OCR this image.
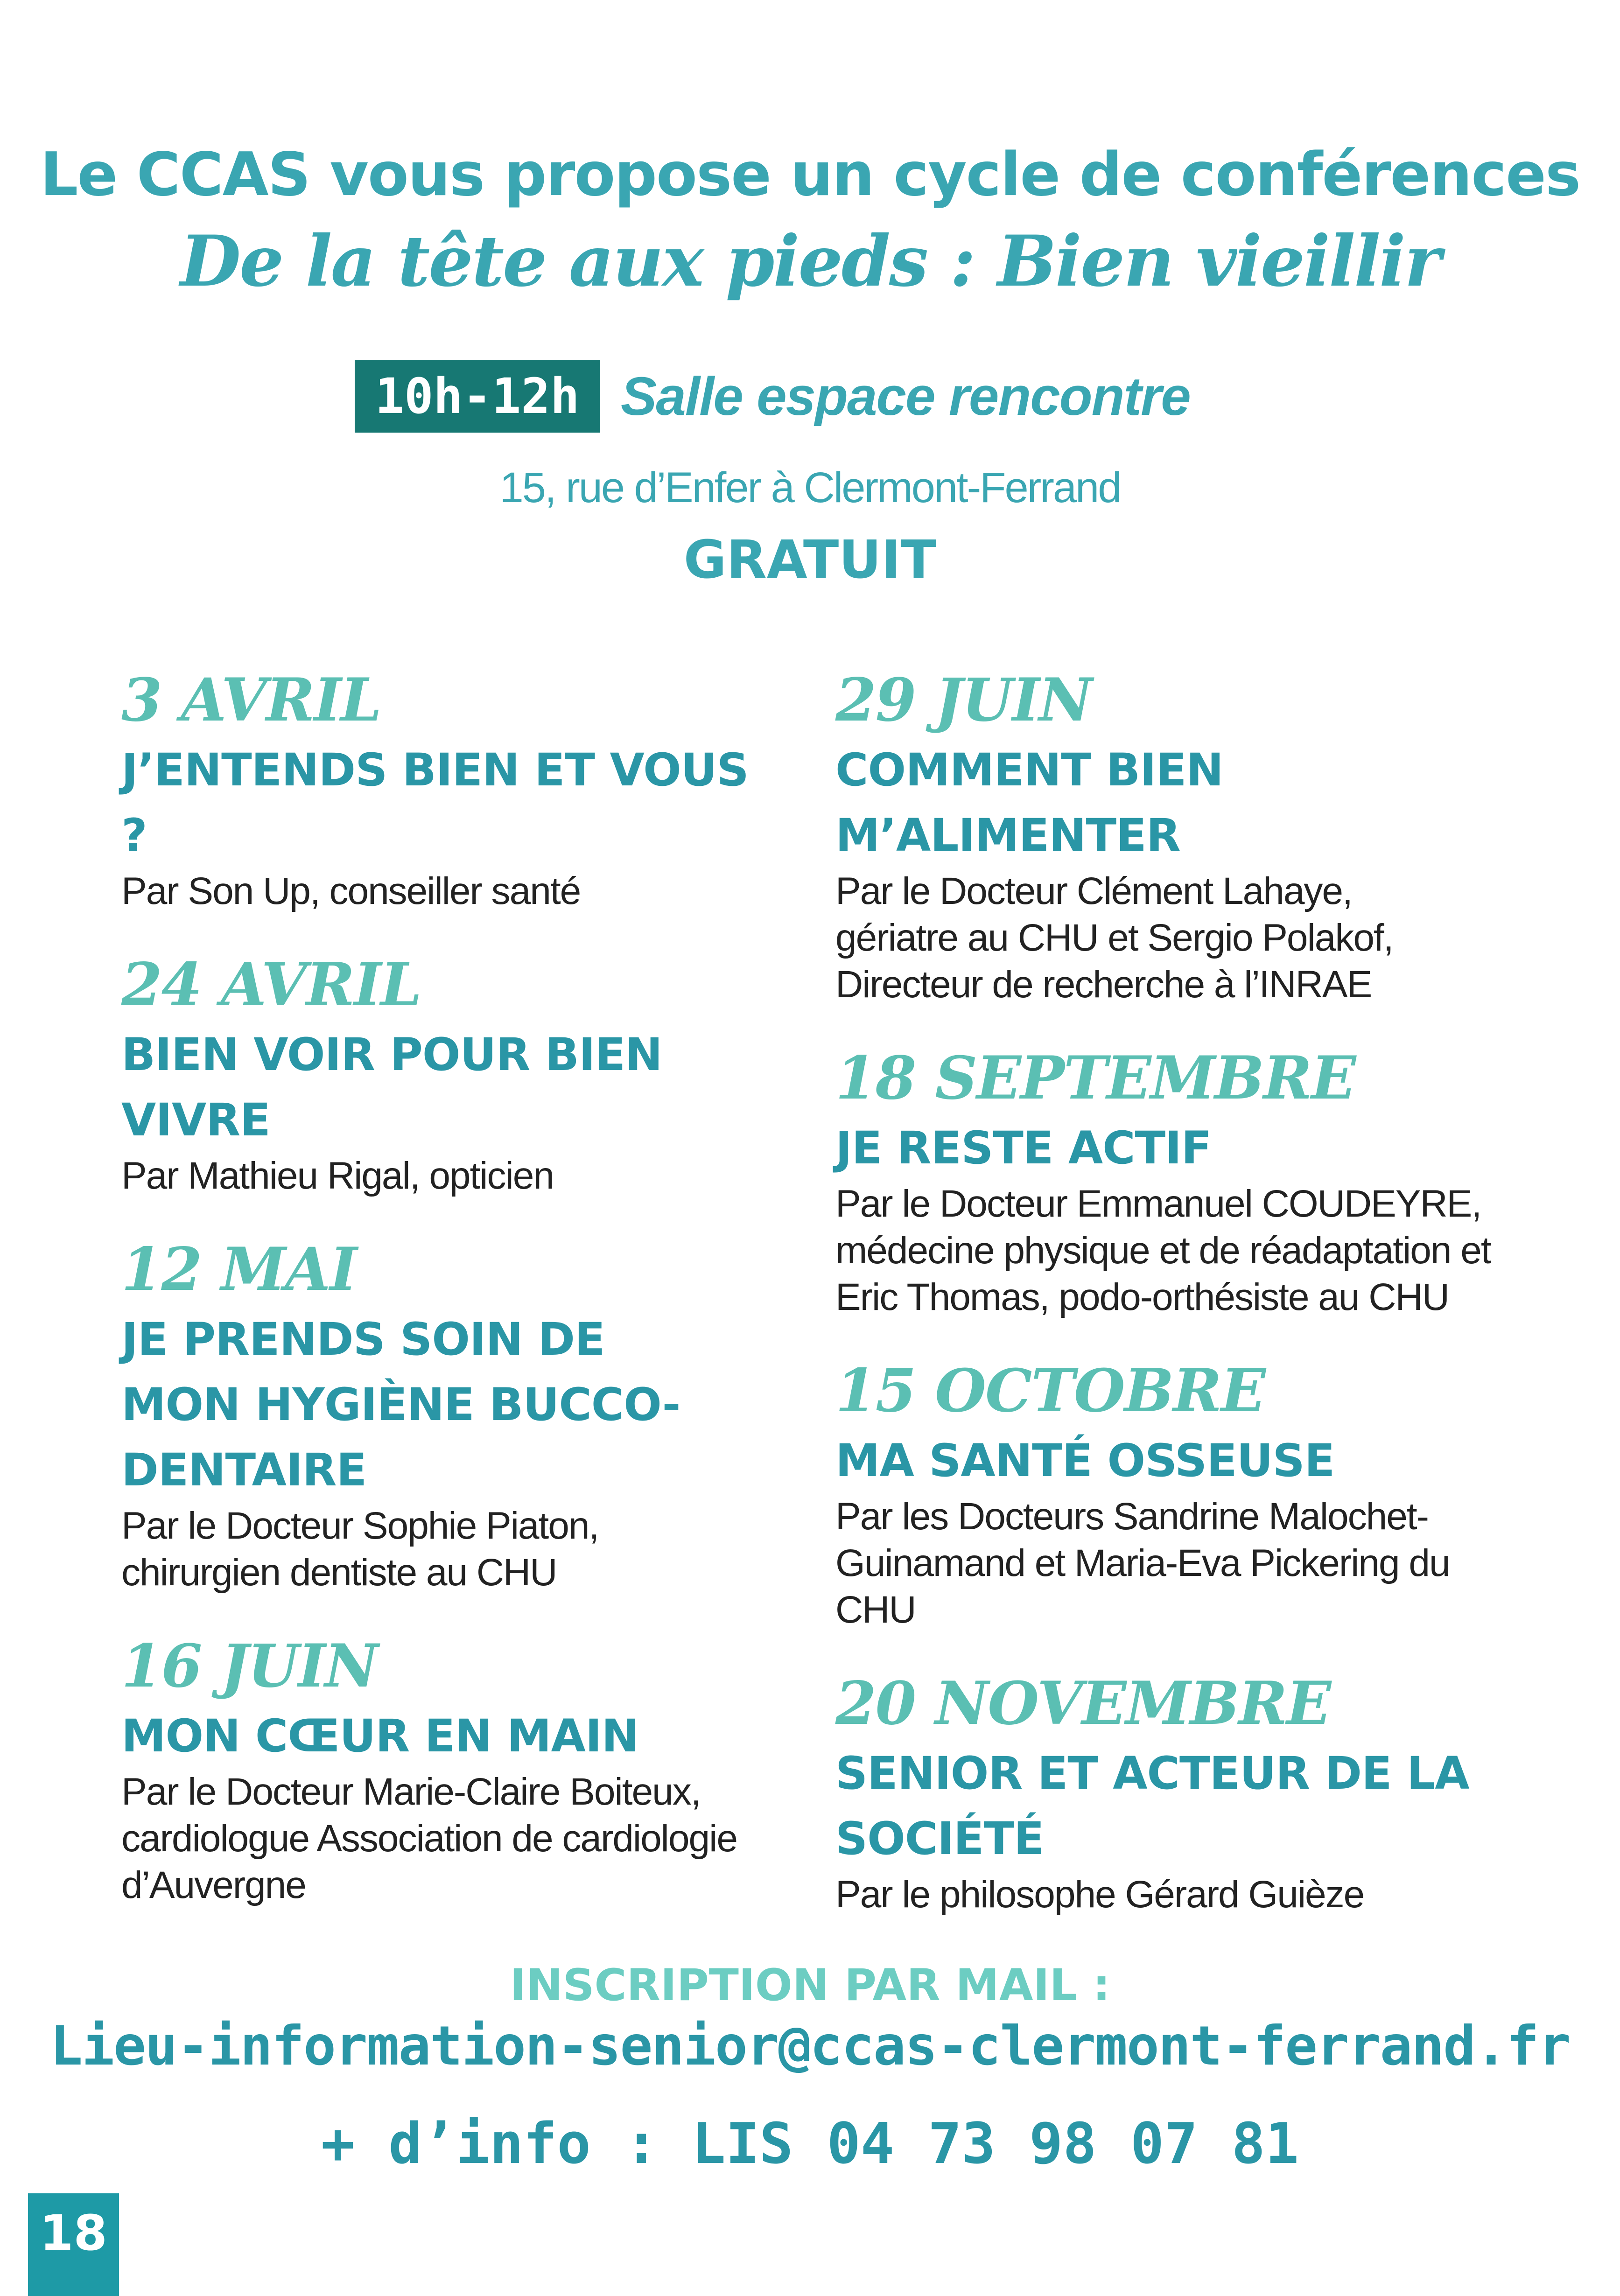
Le CCAS vous propose un cycle de conférences
De la tête aux pieds : Bien vieillir
10h-12h Salle espace rencontre
15, rue d’Enfer à Clermont-Ferrand
GRATUIT
3 AVRIL
J’ENTENDS BIEN ET VOUS ?
Par Son Up, conseiller santé
24 AVRIL
BIEN VOIR POUR BIEN VIVRE
Par Mathieu Rigal, opticien
12 MAI
JE PRENDS SOIN DE MON HYGIÈNE BUCCO-DENTAIRE
Par le Docteur Sophie Piaton, chirurgien dentiste au CHU
16 JUIN
MON CŒUR EN MAIN
Par le Docteur Marie-Claire Boiteux, cardiologue Association de cardiologie d’Auvergne
29 JUIN
COMMENT BIEN M’ALIMENTER
Par le Docteur Clément Lahaye, gériatre au CHU et Sergio Polakof, Directeur de recherche à l’INRAE
18 SEPTEMBRE
JE RESTE ACTIF
Par le Docteur Emmanuel COUDEYRE, médecine physique et de réadaptation et Eric Thomas, podo-orthésiste au CHU
15 OCTOBRE
MA SANTÉ OSSEUSE
Par les Docteurs Sandrine Malochet-Guinamand et Maria-Eva Pickering du CHU
20 NOVEMBRE
SENIOR ET ACTEUR DE LA SOCIÉTÉ
Par le philosophe Gérard Guièze
INSCRIPTION PAR MAIL :
Lieu-information-senior@ccas-clermont-ferrand.fr
+ d’info : LIS 04 73 98 07 81
18
